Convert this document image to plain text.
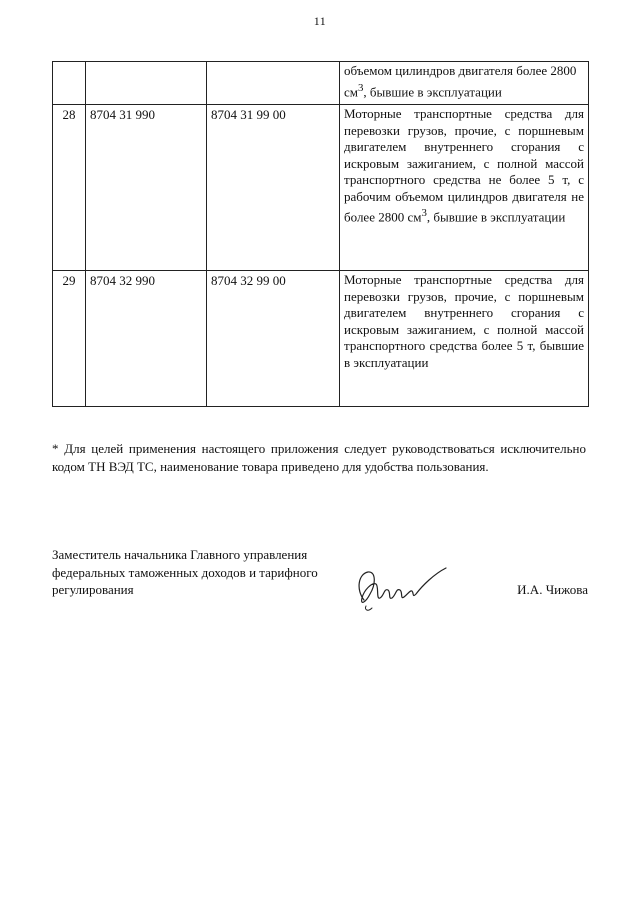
11
			объемом цилиндров двигателя более 2800 $см^3$, бывшие в эксплуатации
28	8704 31 990	8704 31 99 00	Моторные транспортные средства для перевозки грузов, прочие, с поршневым двигателем внутреннего сгорания с искровым зажиганием, с полной массой транспортного средства не более 5 т, с рабочим объемом цилиндров двигателя не более 2800 $см^3$, бывшие в эксплуатации
29	8704 32 990	8704 32 99 00	Моторные транспортные средства для перевозки грузов, прочие, с поршневым двигателем внутреннего сгорания с искровым зажиганием, с полной массой транспортного средства более 5 т, бывшие в эксплуатации
* Для целей применения настоящего приложения следует руководствоваться исключительно кодом ТН ВЭД ТС, наименование товара приведено для удобства пользования.
Заместитель начальника Главного управления федеральных таможенных доходов и тарифного регулирования	И.А. Чижова
